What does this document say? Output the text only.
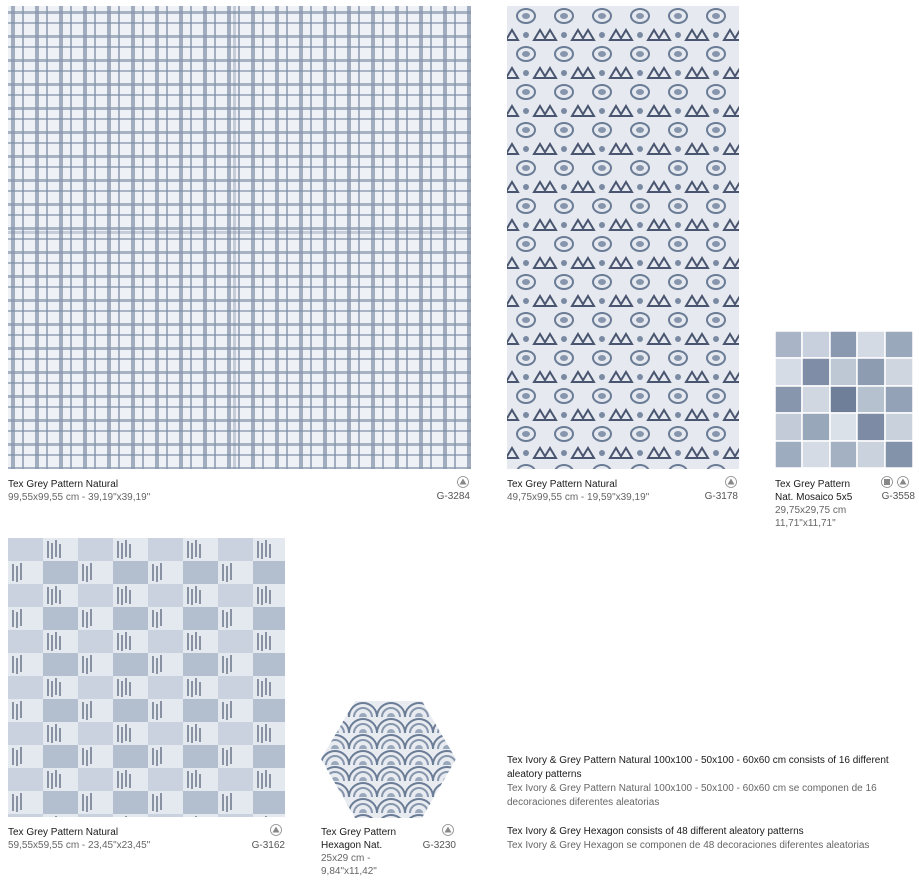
Tex Grey Pattern Natural
99,55x99,55 cm - 39,19"x39,19"	G-3284
Tex Grey Pattern Natural
49,75x99,55 cm - 19,59"x39,19"	G-3178
Tex Grey Pattern
Nat. Mosaico 5x5
29,75x29,75 cm
11,71"x11,71"
G-3558
Tex Grey Pattern Natural
59,55x59,55 cm - 23,45"x23,45"	G-3162
Tex Grey Pattern
Hexagon Nat.
25x29 cm -
9,84"x11,42"
G-3230
Tex Ivory & Grey Pattern Natural 100x100 - 50x100 - 60x60 cm consists of 16 different aleatory patterns
Tex Ivory & Grey Pattern Natural 100x100 - 50x100 - 60x60 cm se componen de 16 decoraciones diferentes aleatorias
Tex Ivory & Grey Hexagon consists of 48 different aleatory patterns
Tex Ivory & Grey Hexagon se componen de 48 decoraciones diferentes aleatorias
